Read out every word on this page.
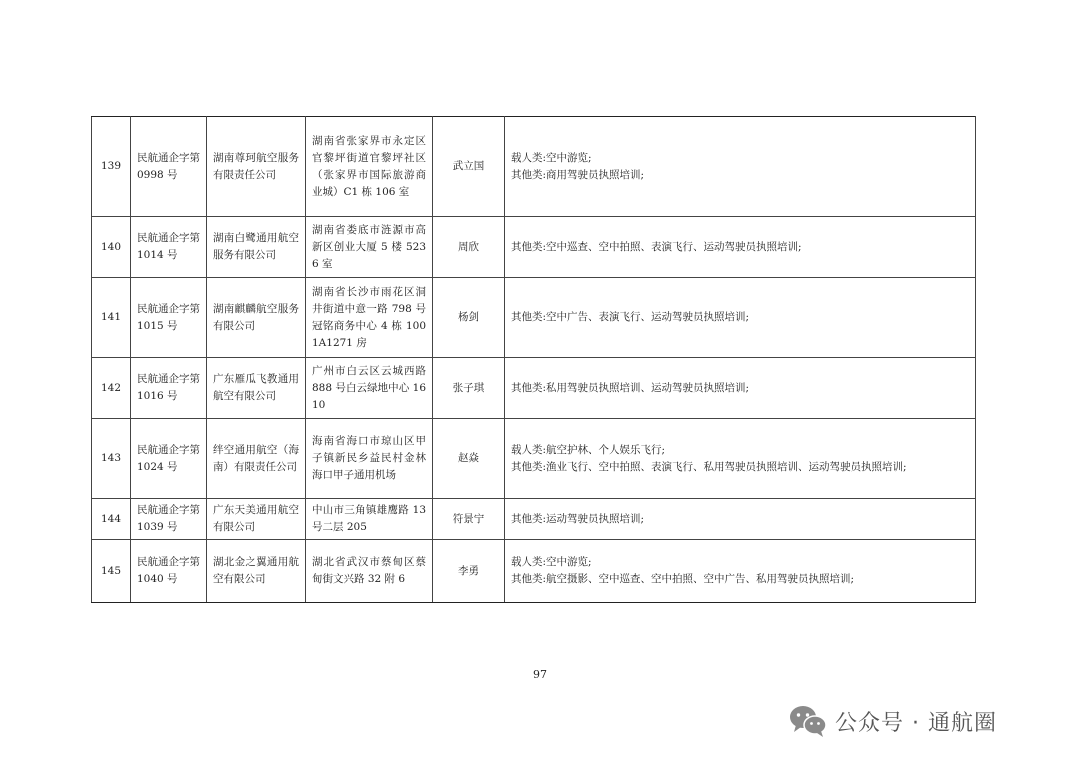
139	民航通企字第 0998 号	湖南尊珂航空服务有限责任公司	湖南省张家界市永定区官黎坪街道官黎坪社区（张家界市国际旅游商业城）C1 栋 106 室	武立国	载人类:空中游览;
其他类:商用驾驶员执照培训;

140	民航通企字第 1014 号	湖南白鹭通用航空服务有限公司	湖南省娄底市涟源市高新区创业大厦 5 楼 5236 室	周欣	其他类:空中巡查、空中拍照、表演飞行、运动驾驶员执照培训;

141	民航通企字第 1015 号	湖南麒麟航空服务有限公司	湖南省长沙市雨花区洞井街道中意一路 798 号冠铭商务中心 4 栋 1001A1271 房	杨剑	其他类:空中广告、表演飞行、运动驾驶员执照培训;

142	民航通企字第 1016 号	广东雁瓜飞教通用航空有限公司	广州市白云区云城西路 888 号白云绿地中心 1610	张子琪	其他类:私用驾驶员执照培训、运动驾驶员执照培训;

143	民航通企字第 1024 号	绊空通用航空（海南）有限责任公司	海南省海口市琼山区甲子镇新民乡益民村金林海口甲子通用机场	赵焱	载人类:航空护林、个人娱乐飞行;
其他类:渔业飞行、空中拍照、表演飞行、私用驾驶员执照培训、运动驾驶员执照培训;

144	民航通企字第 1039 号	广东天美通用航空有限公司	中山市三角镇雄鹰路 13 号二层 205	符景宁	其他类:运动驾驶员执照培训;

145	民航通企字第 1040 号	湖北金之翼通用航空有限公司	湖北省武汉市蔡甸区蔡甸街文兴路 32 附 6	李勇	载人类:空中游览;
其他类:航空摄影、空中巡查、空中拍照、空中广告、私用驾驶员执照培训;
97
公众号 · 通航圈
